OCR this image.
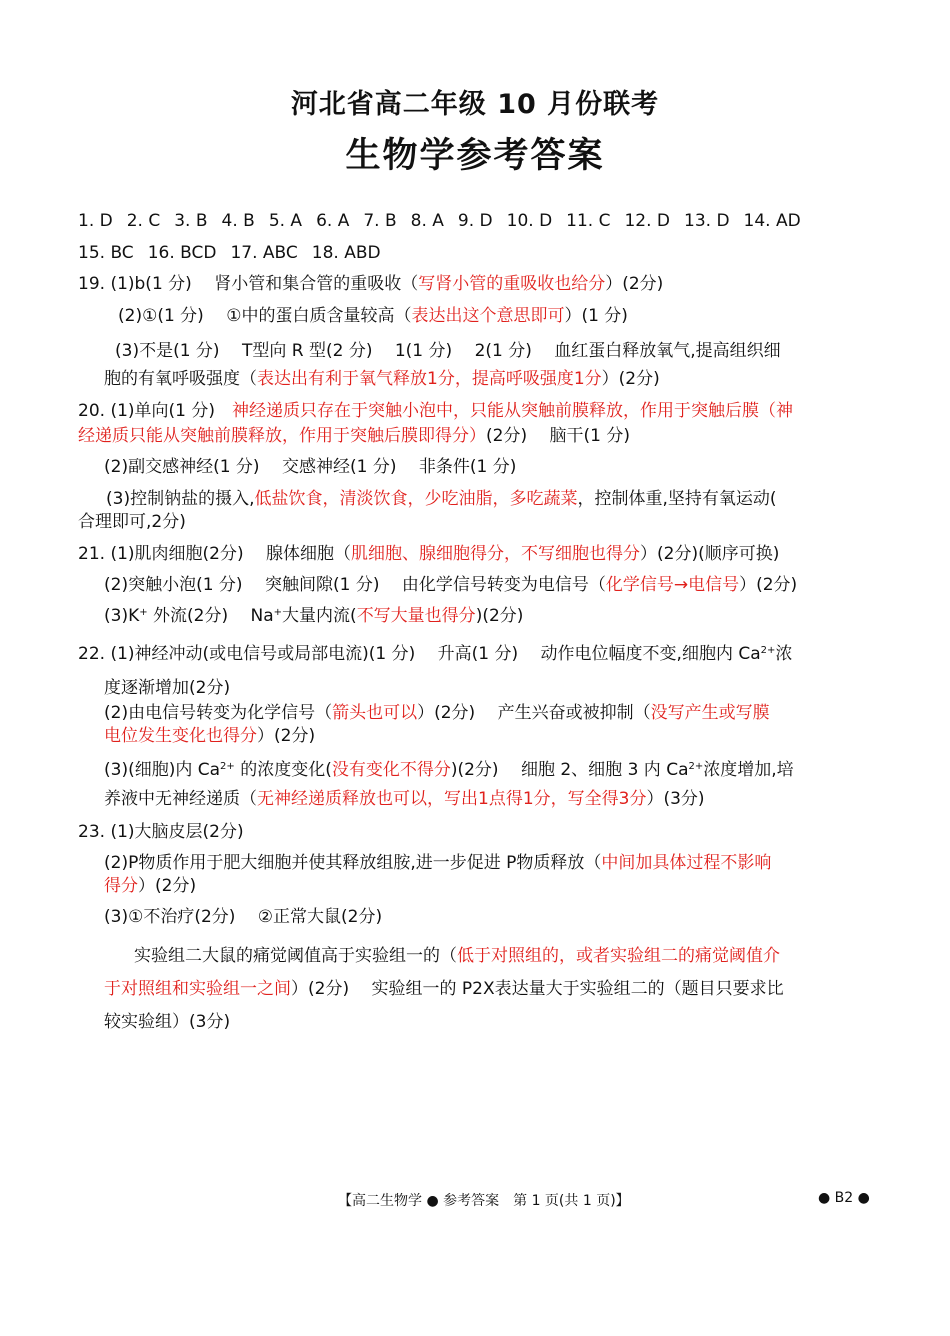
河北省高二年级 10 月份联考
生物学参考答案
1. D 2. C 3. B 4. B 5. A 6. A 7. B 8. A 9. D 10. D 11. C 12. D 13. D 14. AD
15. BC 16. BCD 17. ABC 18. ABD
19. (1)b(1 分)　 肾小管和集合管的重吸收（写肾小管的重吸收也给分）(2分)
(2)①(1 分)　 ①中的蛋白质含量较高（表达出这个意思即可）(1 分)
(3)不是(1 分)　 T型向 R 型(2 分)　 1(1 分)　 2(1 分)　 血红蛋白释放氧气,提高组织细
胞的有氧呼吸强度（表达出有利于氧气释放1分，提高呼吸强度1分）(2分)
20. (1)单向(1 分)　神经递质只存在于突触小泡中，只能从突触前膜释放，作用于突触后膜（神
经递质只能从突触前膜释放，作用于突触后膜即得分）(2分)　 脑干(1 分)
(2)副交感神经(1 分)　 交感神经(1 分)　 非条件(1 分)
(3)控制钠盐的摄入,低盐饮食，清淡饮食，少吃油脂，多吃蔬菜，控制体重,坚持有氧运动(
合理即可,2分)
21. (1)肌肉细胞(2分)　 腺体细胞（肌细胞、腺细胞得分，不写细胞也得分）(2分)(顺序可换)
(2)突触小泡(1 分)　 突触间隙(1 分)　 由化学信号转变为电信号（化学信号→电信号）(2分)
(3)K+ 外流(2分)　 Na+大量内流(不写大量也得分)(2分)
22. (1)神经冲动(或电信号或局部电流)(1 分)　 升高(1 分)　 动作电位幅度不变,细胞内 $Ca^{2+}$浓
度逐渐增加(2分)
(2)由电信号转变为化学信号（箭头也可以）(2分)　 产生兴奋或被抑制（没写产生或写膜
电位发生变化也得分）(2分)
(3)(细胞)内 $Ca^{2+}$ 的浓度变化(没有变化不得分)(2分)　 细胞 2、细胞 3 内 $Ca^{2+}$浓度增加,培
养液中无神经递质（无神经递质释放也可以，写出1点得1分，写全得3分）(3分)
23. (1)大脑皮层(2分)
(2)P物质作用于肥大细胞并使其释放组胺,进一步促进 P物质释放（中间加具体过程不影响
得分）(2分)
(3)①不治疗(2分)　 ②正常大鼠(2分)
实验组二大鼠的痛觉阈值高于实验组一的（低于对照组的，或者实验组二的痛觉阈值介
于对照组和实验组一之间）(2分)　 实验组一的 P2X表达量大于实验组二的（题目只要求比
较实验组）(3分)
【高二生物学 ● 参考答案　第 1 页(共 1 页)】	● B2 ●
